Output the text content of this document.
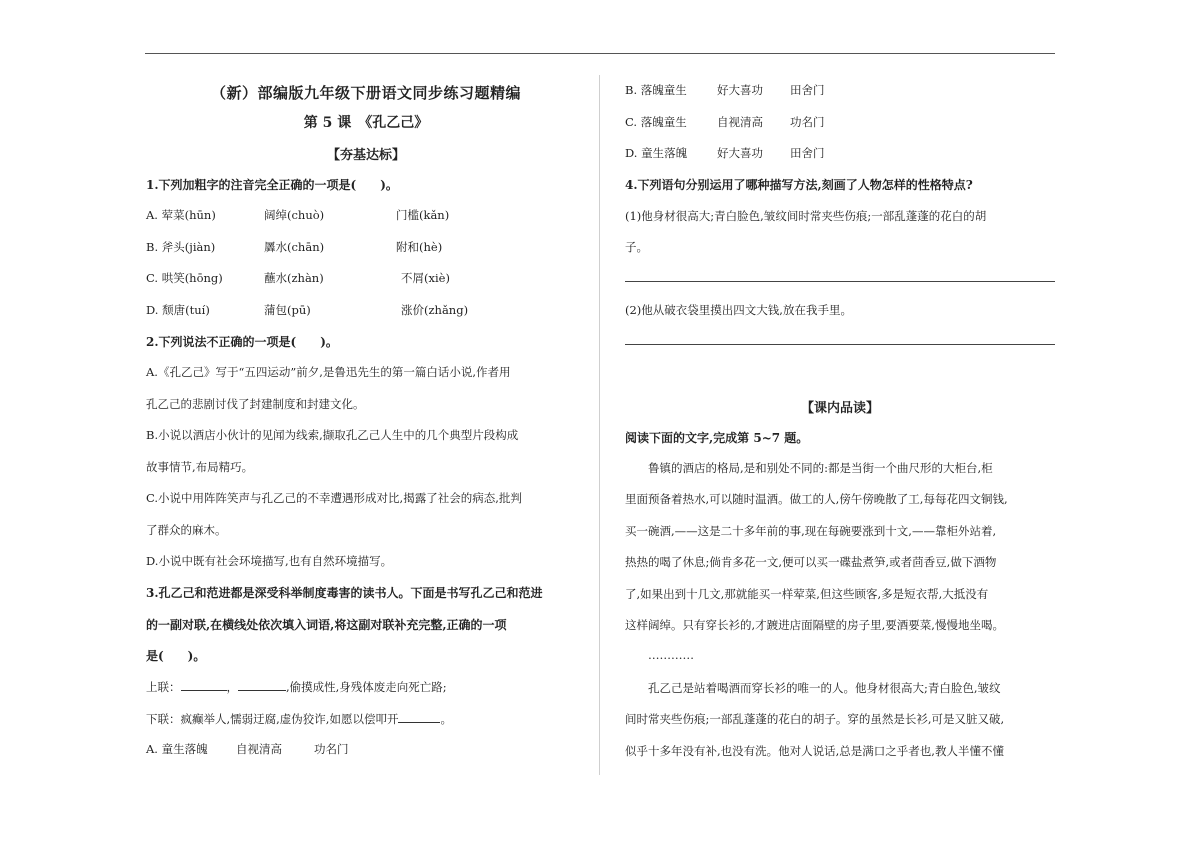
（新）部编版九年级下册语文同步练习题精编
第 5 课　《孔乙己》
【夯基达标】
1.下列加粗字的注音完全正确的一项是(　　)。
A. 荤菜(hūn)	阔绰(chuò)	门槛(kǎn)
B. 斧头(jiàn)	羼水(chān)	附和(hè)
C. 哄笑(hōng)	蘸水(zhàn)	不屑(xiè)
D. 颓唐(tuí)	蒲包(pū)	涨价(zhǎng)
2.下列说法不正确的一项是(　　)。
A.《孔乙己》写于“五四运动”前夕,是鲁迅先生的第一篇白话小说,作者用
孔乙己的悲剧讨伐了封建制度和封建文化。
B.小说以酒店小伙计的见闻为线索,撷取孔乙己人生中的几个典型片段构成
故事情节,布局精巧。
C.小说中用阵阵笑声与孔乙己的不幸遭遇形成对比,揭露了社会的病态,批判
了群众的麻木。
D.小说中既有社会环境描写,也有自然环境描写。
3.孔乙己和范进都是深受科举制度毒害的读书人。下面是书写孔乙己和范进
的一副对联,在横线处依次填入词语,将这副对联补充完整,正确的一项
是(　　)。
上联：	，	,偷摸成性,身残体废走向死亡路;
下联：疯癫举人,懦弱迂腐,虚伪狡诈,如愿以偿叩开	。
A. 童生落魄 自视清高	功名门
B. 落魄童生	好大喜功 田舍门
C. 落魄童生	自视清高 功名门
D. 童生落魄	好大喜功 田舍门
4.下列语句分别运用了哪种描写方法,刻画了人物怎样的性格特点?
(1)他身材很高大;青白脸色,皱纹间时常夹些伤痕;一部乱蓬蓬的花白的胡
子。
(2)他从破衣袋里摸出四文大钱,放在我手里。
【课内品读】
阅读下面的文字,完成第 5~7 题。
鲁镇的酒店的格局,是和别处不同的:都是当街一个曲尺形的大柜台,柜
里面预备着热水,可以随时温酒。做工的人,傍午傍晚散了工,每每花四文铜钱,
买一碗酒,——这是二十多年前的事,现在每碗要涨到十文,——靠柜外站着,
热热的喝了休息;倘肯多花一文,便可以买一碟盐煮笋,或者茴香豆,做下酒物
了,如果出到十几文,那就能买一样荤菜,但这些顾客,多是短衣帮,大抵没有
这样阔绰。只有穿长衫的,才踱进店面隔壁的房子里,要酒要菜,慢慢地坐喝。
…………
孔乙己是站着喝酒而穿长衫的唯一的人。他身材很高大;青白脸色,皱纹
间时常夹些伤痕;一部乱蓬蓬的花白的胡子。穿的虽然是长衫,可是又脏又破,
似乎十多年没有补,也没有洗。他对人说话,总是满口之乎者也,教人半懂不懂
